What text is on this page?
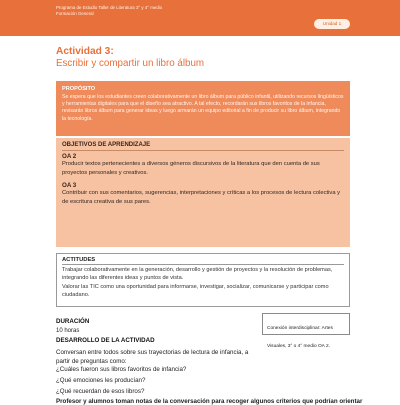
Programa de Estudio Taller de Literatura 3° y 4° medio
Formación General
Unidad 1
Actividad 3:
Escribir y compartir un libro álbum
PROPÓSITO
Se espera que los estudiantes creen colaborativamente un libro álbum para público infantil, utilizando recursos lingüísticos y herramientas digitales para que el diseño sea atractivo. A tal efecto, recordarán sus libros favoritos de la infancia, revisarán libros álbum para generar ideas y luego armarán un equipo editorial a fin de producir su libro álbum, integrando la tecnología.
OBJETIVOS DE APRENDIZAJE
OA 2
Producir textos pertenecientes a diversos géneros discursivos de la literatura que den cuenta de sus proyectos personales y creativos.
OA 3
Contribuir con sus comentarios, sugerencias, interpretaciones y críticas a los procesos de lectura colectiva y de escritura creativa de sus pares.
ACTITUDES
Trabajar colaborativamente en la generación, desarrollo y gestión de proyectos y la resolución de problemas, integrando las diferentes ideas y puntos de vista.
Valorar las TIC como una oportunidad para informarse, investigar, socializar, comunicarse y participar como ciudadano.
DURACIÓN
10 horas
DESARROLLO DE LA ACTIVIDAD
Conexión interdisciplinar: Artes Visuales, 3° o 4° medio OA 2.
Conversan entre todos sobre sus trayectorias de lectura de infancia, a partir de preguntas como:
¿Cuáles fueron sus libros favoritos de infancia?
¿Qué emociones les producían?
¿Qué recuerdan de esos libros?
Profesor y alumnos toman notas de la conversación para recoger algunos criterios que podrían orientar
